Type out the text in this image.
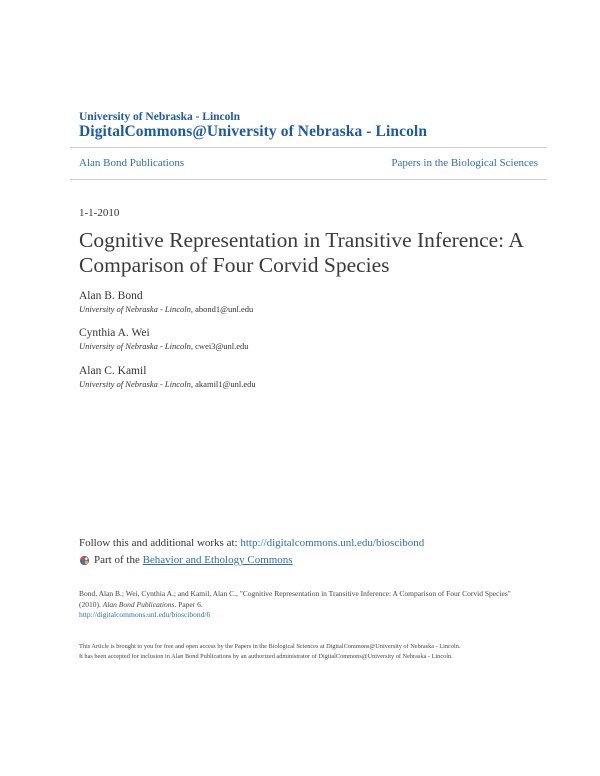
University of Nebraska - Lincoln
DigitalCommons@University of Nebraska - Lincoln
Alan Bond Publications	Papers in the Biological Sciences
1-1-2010
Cognitive Representation in Transitive Inference: A Comparison of Four Corvid Species
Alan B. Bond
University of Nebraska - Lincoln, abond1@unl.edu
Cynthia A. Wei
University of Nebraska - Lincoln, cwei3@unl.edu
Alan C. Kamil
University of Nebraska - Lincoln, akamil1@unl.edu
Follow this and additional works at: http://digitalcommons.unl.edu/bioscibond
Part of the
Behavior and Ethology Commons
Bond, Alan B.; Wei, Cynthia A.; and Kamil, Alan C., "Cognitive Representation in Transitive Inference: A Comparison of Four Corvid Species" (2010). Alan Bond Publications. Paper 6.
http://digitalcommons.unl.edu/bioscibond/6
This Article is brought to you for free and open access by the Papers in the Biological Sciences at DigitalCommons@University of Nebraska - Lincoln.
It has been accepted for inclusion in Alan Bond Publications by an authorized administrator of DigitalCommons@University of Nebraska - Lincoln.
